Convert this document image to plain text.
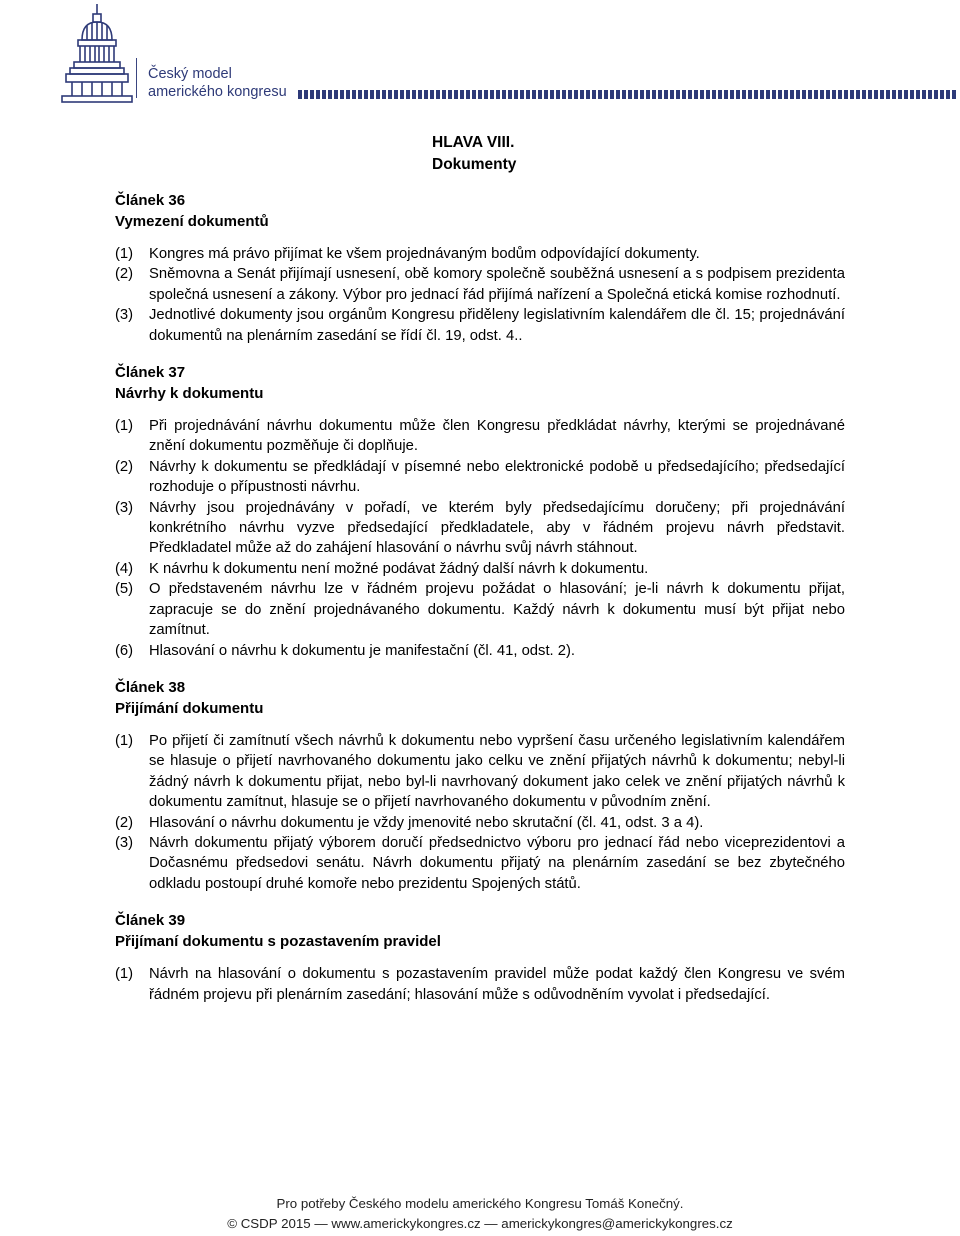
Český model
amerického kongresu
HLAVA VIII.
Dokumenty
Článek 36
Vymezení dokumentů
(1)	Kongres má právo přijímat ke všem projednávaným bodům odpovídající dokumenty.
(2)	Sněmovna a Senát přijímají usnesení, obě komory společně souběžná usnesení a s podpisem prezidenta společná usnesení a zákony. Výbor pro jednací řád přijímá nařízení a Společná etická komise rozhodnutí.
(3)	Jednotlivé dokumenty jsou orgánům Kongresu přiděleny legislativním kalendářem dle čl. 15; projednávání dokumentů na plenárním zasedání se řídí čl. 19, odst. 4..
Článek 37
Návrhy k dokumentu
(1)	Při projednávání návrhu dokumentu může člen Kongresu předkládat návrhy, kterými se projednávané znění dokumentu pozměňuje či doplňuje.
(2)	Návrhy k dokumentu se předkládají v písemné nebo elektronické podobě u předsedajícího; předsedající rozhoduje o přípustnosti návrhu.
(3)	Návrhy jsou projednávány v pořadí, ve kterém byly předsedajícímu doručeny; při projednávání konkrétního návrhu vyzve předsedající předkladatele, aby v řádném projevu návrh představit. Předkladatel může až do zahájení hlasování o návrhu svůj návrh stáhnout.
(4)	K návrhu k dokumentu není možné podávat žádný další návrh k dokumentu.
(5)	O představeném návrhu lze v řádném projevu požádat o hlasování; je-li návrh k dokumentu přijat, zapracuje se do znění projednávaného dokumentu. Každý návrh k dokumentu musí být přijat nebo zamítnut.
(6)	Hlasování o návrhu k dokumentu je manifestační (čl. 41, odst. 2).
Článek 38
Přijímání dokumentu
(1)	Po přijetí či zamítnutí všech návrhů k dokumentu nebo vypršení času určeného legislativním kalendářem se hlasuje o přijetí navrhovaného dokumentu jako celku ve znění přijatých návrhů k dokumentu; nebyl-li žádný návrh k dokumentu přijat, nebo byl-li navrhovaný dokument jako celek ve znění přijatých návrhů k dokumentu zamítnut, hlasuje se o přijetí navrhovaného dokumentu v původním znění.
(2)	Hlasování o návrhu dokumentu je vždy jmenovité nebo skrutační (čl. 41, odst. 3 a 4).
(3)	Návrh dokumentu přijatý výborem doručí předsednictvo výboru pro jednací řád nebo viceprezidentovi a Dočasnému předsedovi senátu. Návrh dokumentu přijatý na plenárním zasedání se bez zbytečného odkladu postoupí druhé komoře nebo prezidentu Spojených států.
Článek 39
Přijímaní dokumentu s pozastavením pravidel
(1)	Návrh na hlasování o dokumentu s pozastavením pravidel může podat každý člen Kongresu ve svém řádném projevu při plenárním zasedání; hlasování může s odůvodněním vyvolat i předsedající.
Pro potřeby Českého modelu amerického Kongresu Tomáš Konečný.
© CSDP 2015 — www.americkykongres.cz — americkykongres@americkykongres.cz
